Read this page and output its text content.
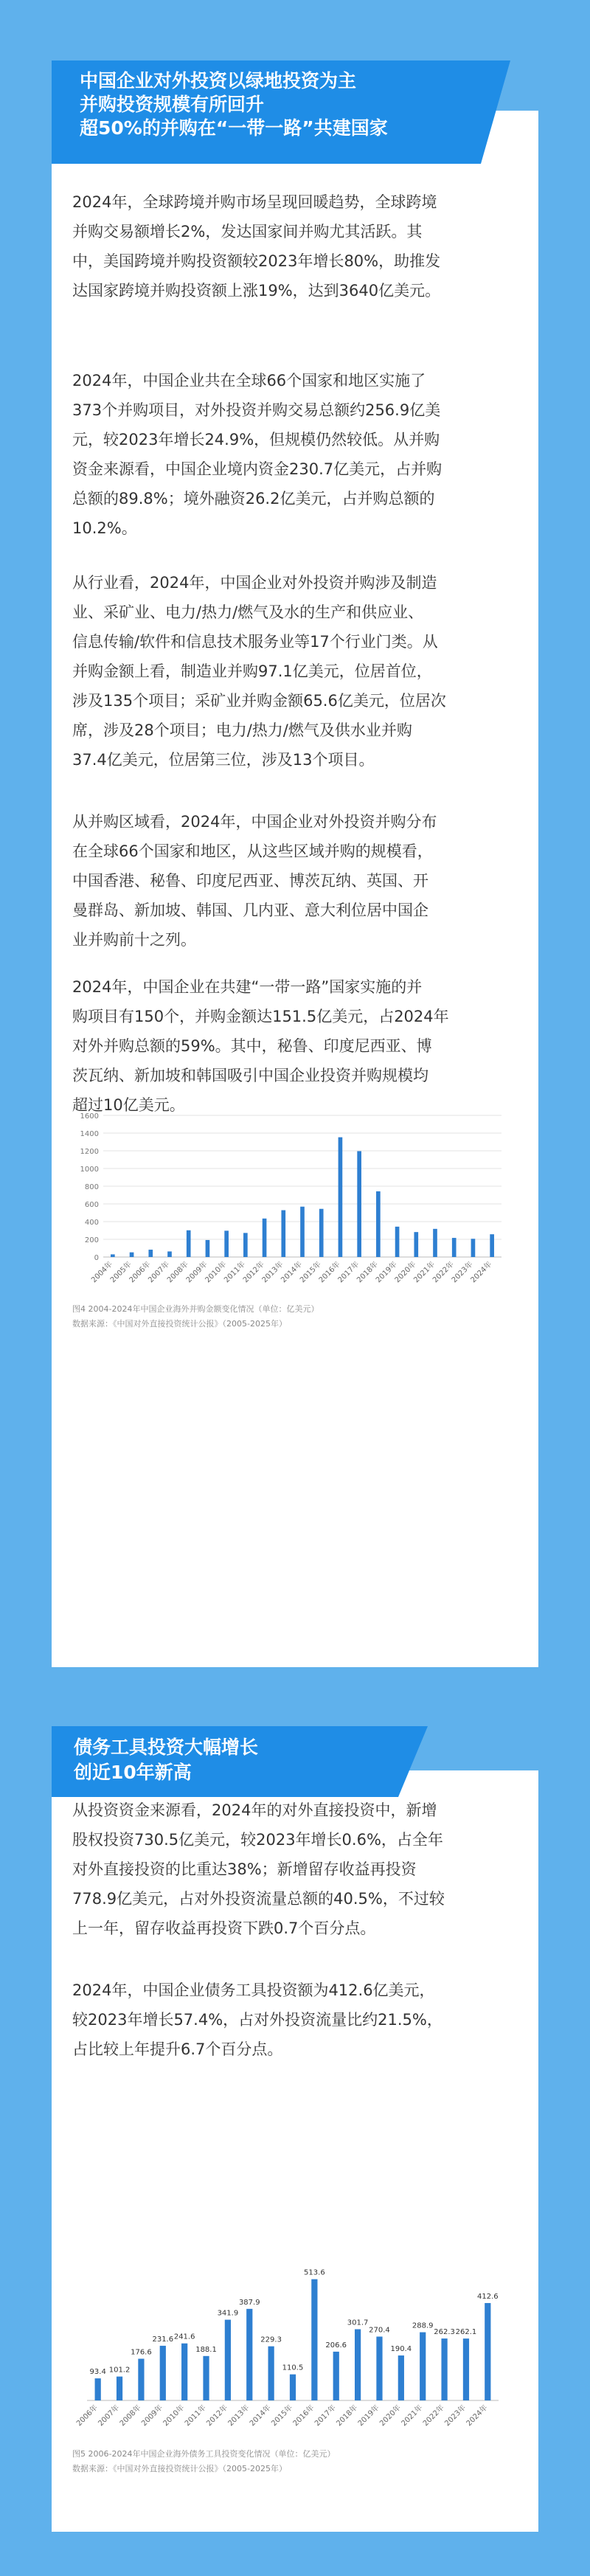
2024年，全球跨境并购市场呈现回暖趋势，全球跨境
并购交易额增长2%，发达国家间并购尤其活跃。其
中，美国跨境并购投资额较2023年增长80%，助推发
达国家跨境并购投资额上涨19%，达到3640亿美元。

2024年，中国企业共在全球66个国家和地区实施了
373个并购项目，对外投资并购交易总额约256.9亿美
元，较2023年增长24.9%，但规模仍然较低。从并购
资金来源看，中国企业境内资金230.7亿美元，占并购
总额的89.8%；境外融资26.2亿美元，占并购总额的
10.2%。

从行业看，2024年，中国企业对外投资并购涉及制造
业、采矿业、电力/热力/燃气及水的生产和供应业、
信息传输/软件和信息技术服务业等17个行业门类。从
并购金额上看，制造业并购97.1亿美元，位居首位，
涉及135个项目；采矿业并购金额65.6亿美元，位居次
席，涉及28个项目；电力/热力/燃气及供水业并购
37.4亿美元，位居第三位，涉及13个项目。

从并购区域看，2024年，中国企业对外投资并购分布
在全球66个国家和地区，从这些区域并购的规模看，
中国香港、秘鲁、印度尼西亚、博茨瓦纳、英国、开
曼群岛、新加坡、韩国、几内亚、意大利位居中国企
业并购前十之列。

2024年，中国企业在共建“一带一路”国家实施的并
购项目有150个，并购金额达151.5亿美元，占2024年
对外并购总额的59%。其中，秘鲁、印度尼西亚、博
茨瓦纳、新加坡和韩国吸引中国企业投资并购规模均
超过10亿美元。

0
200
400
600
800
1000
1200
1400
1600
2004年
2005年
2006年
2007年
2008年
2009年
2010年
2011年
2012年
2013年
2014年
2015年
2016年
2017年
2018年
2019年
2020年
2021年
2022年
2023年
2024年
图4 2004-2024年中国企业海外并购金额变化情况（单位：亿美元）
数据来源：《中国对外直接投资统计公报》（2005-2025年）
中国企业对外投资以绿地投资为主
并购投资规模有所回升
超50%的并购在“一带一路”共建国家

从投资资金来源看，2024年的对外直接投资中，新增
股权投资730.5亿美元，较2023年增长0.6%，占全年
对外直接投资的比重达38%；新增留存收益再投资
778.9亿美元，占对外投资流量总额的40.5%，不过较
上一年，留存收益再投资下跌0.7个百分点。

2024年，中国企业债务工具投资额为412.6亿美元，
较2023年增长57.4%，占对外投资流量比约21.5%，
占比较上年提升6.7个百分点。

93.4
2006年
101.2
2007年
176.6
2008年
231.6
2009年
241.6
2010年
188.1
2011年
341.9
2012年
387.9
2013年
229.3
2014年
110.5
2015年
513.6
2016年
206.6
2017年
301.7
2018年
270.4
2019年
190.4
2020年
288.9
2021年
262.3
2022年
262.1
2023年
412.6
2024年
图5 2006-2024年中国企业海外债务工具投资变化情况（单位：亿美元）
数据来源：《中国对外直接投资统计公报》（2005-2025年）
债务工具投资大幅增长
创近10年新高
